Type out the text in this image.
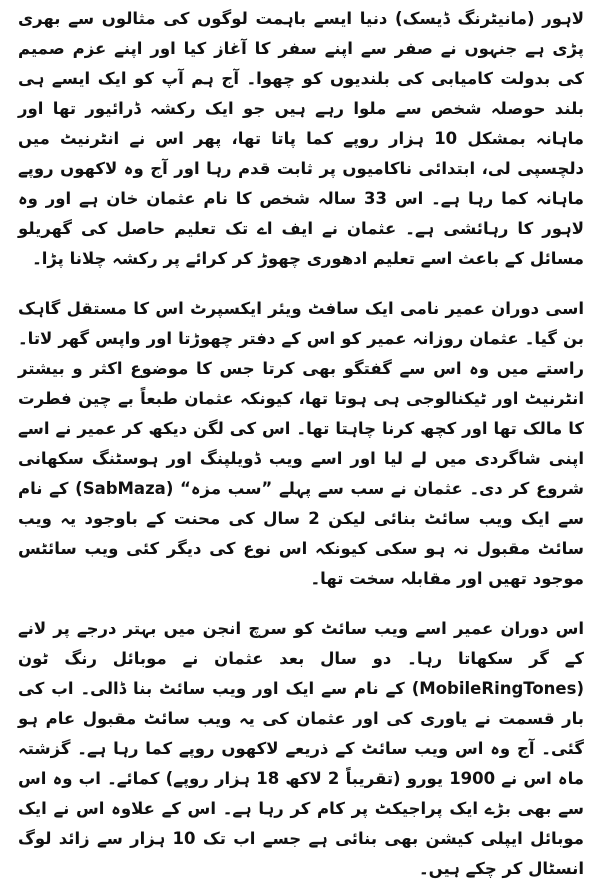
لاہور (مانیٹرنگ ڈیسک) دنیا ایسے باہمت لوگوں کی مثالوں سے بھری پڑی ہے جنہوں نے صفر سے اپنے سفر کا آغاز کیا اور اپنے عزم صمیم کی بدولت کامیابی کی بلندیوں کو چھوا۔ آج ہم آپ کو ایک ایسے ہی بلند حوصلہ شخص سے ملوا رہے ہیں جو ایک رکشہ ڈرائیور تھا اور ماہانہ بمشکل 10 ہزار روپے کما پاتا تھا، پھر اس نے انٹرنیٹ میں دلچسپی لی، ابتدائی ناکامیوں پر ثابت قدم رہا اور آج وہ لاکھوں روپے ماہانہ کما رہا ہے۔ اس 33 سالہ شخص کا نام عثمان خان ہے اور وہ لاہور کا رہائشی ہے۔ عثمان نے ایف اے تک تعلیم حاصل کی گھریلو مسائل کے باعث اسے تعلیم ادھوری چھوڑ کر کرائے پر رکشہ چلانا پڑا۔

اسی دوران عمیر نامی ایک سافٹ ویئر ایکسپرٹ اس کا مستقل گاہک بن گیا۔ عثمان روزانہ عمیر کو اس کے دفتر چھوڑتا اور واپس گھر لاتا۔ راستے میں وہ اس سے گفتگو بھی کرتا جس کا موضوع اکثر و بیشتر انٹرنیٹ اور ٹیکنالوجی ہی ہوتا تھا، کیونکہ عثمان طبعاً بے چین فطرت کا مالک تھا اور کچھ کرنا چاہتا تھا۔ اس کی لگن دیکھ کر عمیر نے اسے اپنی شاگردی میں لے لیا اور اسے ویب ڈویلپنگ اور ہوسٹنگ سکھانی شروع کر دی۔ عثمان نے سب سے پہلے ”سب مزہ“ (SabMaza) کے نام سے ایک ویب سائٹ بنائی لیکن 2 سال کی محنت کے باوجود یہ ویب سائٹ مقبول نہ ہو سکی کیونکہ اس نوع کی دیگر کئی ویب سائٹس موجود تھیں اور مقابلہ سخت تھا۔

اس دوران عمیر اسے ویب سائٹ کو سرچ انجن میں بہتر درجے پر لانے کے گر سکھاتا رہا۔ دو سال بعد عثمان نے موبائل رنگ ٹون (MobileRingTones) کے نام سے ایک اور ویب سائٹ بنا ڈالی۔ اب کی بار قسمت نے یاوری کی اور عثمان کی یہ ویب سائٹ مقبول عام ہو گئی۔ آج وہ اس ویب سائٹ کے ذریعے لاکھوں روپے کما رہا ہے۔ گزشتہ ماہ اس نے 1900 یورو (تقریباً 2 لاکھ 18 ہزار روپے) کمائے۔ اب وہ اس سے بھی بڑے ایک پراجیکٹ پر کام کر رہا ہے۔ اس کے علاوہ اس نے ایک موبائل ایپلی کیشن بھی بنائی ہے جسے اب تک 10 ہزار سے زائد لوگ انسٹال کر چکے ہیں۔
